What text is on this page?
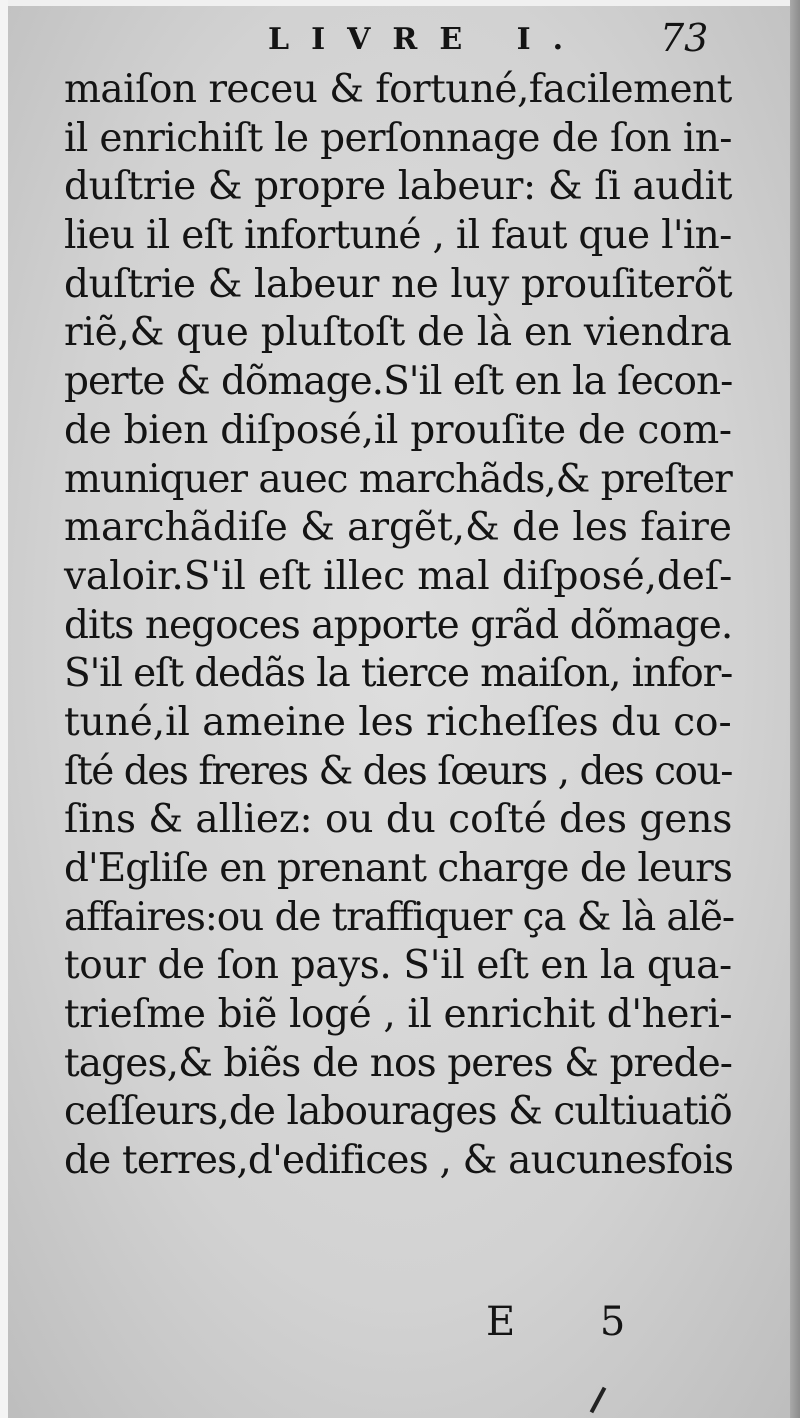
LIVRE I. 73
maiſon receu & fortuné,facilement
il enrichiſt le perſonnage de ſon in-
duſtrie & propre labeur: & ſi audit
lieu il eſt infortuné , il faut que l'in-
duſtrie & labeur ne luy prouſiterõt
riẽ,& que pluſtoſt de là en viendra
perte & dõmage.S'il eſt en la ſecon-
de bien diſposé,il prouſite de com-
muniquer auec marchãds,& preſter
marchãdiſe & argẽt,& de les faire
valoir.S'il eſt illec mal diſposé,deſ-
dits negoces apporte grãd dõmage.
S'il eſt dedãs la tierce maiſon, infor-
tuné,il ameine les richeſſes du co-
ſté des freres & des ſœurs , des cou-
ſins & alliez: ou du coſté des gens
d'Egliſe en prenant charge de leurs
affaires:ou de traffiquer ça & là alẽ-
tour de ſon pays. S'il eſt en la qua-
trieſme biẽ logé , il enrichit d'heri-
tages,& biẽs de nos peres & prede-
ceſſeurs,de labourages & cultiuatiõ
de terres,d'edifices , & aucunesfois
E 5
